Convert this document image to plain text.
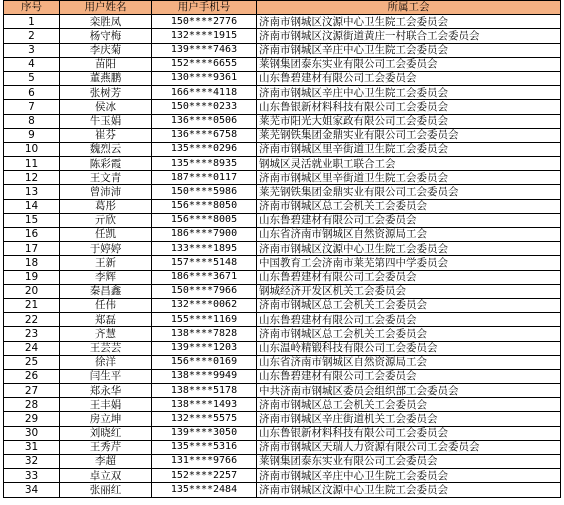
序号	用户姓名	用户手机号	所属工会
1	栾胜凤	150****2776	济南市钢城区汶源中心卫生院工会委员会
2	杨守梅	132****1915	济南市钢城区汶源街道黄庄一村联合工会委员会
3	李庆菊	139****7463	济南市钢城区辛庄中心卫生院工会委员会
4	苗阳	152****6655	莱钢集团泰东实业有限公司工会委员会
5	董燕鹏	130****9361	山东鲁碧建材有限公司工会委员会
6	张树芳	166****4118	济南市钢城区辛庄中心卫生院工会委员会
7	侯冰	150****0233	山东鲁银新材料科技有限公司工会委员会
8	牛玉娟	136****0506	莱芜市阳光大姐家政有限公司工会委员会
9	崔芬	136****6758	莱芜钢铁集团金鼎实业有限公司工会委员会
10	魏烈云	135****0296	济南市钢城区里辛街道卫生院工会委员会
11	陈彩霞	135****8935	钢城区灵活就业职工联合工会
12	王文青	187****0117	济南市钢城区里辛街道卫生院工会委员会
13	曾沛沛	150****5986	莱芜钢铁集团金鼎实业有限公司工会委员会
14	葛彤	156****8050	济南市钢城区总工会机关工会委员会
15	亓欣	156****8005	山东鲁碧建材有限公司工会委员会
16	任凯	186****7900	山东省济南市钢城区自然资源局工会
17	于婷婷	133****1895	济南市钢城区汶源中心卫生院工会委员会
18	王新	157****5148	中国教育工会济南市莱芜第四中学委员会
19	李辉	186****3671	山东鲁碧建材有限公司工会委员会
20	秦昌鑫	150****7966	钢城经济开发区机关工会委员会
21	任伟	132****0062	济南市钢城区总工会机关工会委员会
22	郑磊	155****1169	山东鲁碧建材有限公司工会委员会
23	齐慧	138****7828	济南市钢城区总工会机关工会委员会
24	王芸芸	139****1203	山东温岭精锻科技有限公司工会委员会
25	徐洋	156****0169	山东省济南市钢城区自然资源局工会
26	闫生平	138****9949	山东鲁碧建材有限公司工会委员会
27	郑永华	138****5178	中共济南市钢城区委员会组织部工会委员会
28	王丰娟	138****1493	济南市钢城区总工会机关工会委员会
29	房立坤	132****5575	济南市钢城区辛庄街道机关工会委员会
30	刘晓红	139****3050	山东鲁银新材料科技有限公司工会委员会
31	王秀芹	135****5316	济南市钢城区天瑞人力资源有限公司工会委员会
32	李超	131****9766	莱钢集团泰东实业有限公司工会委员会
33	卓立双	152****2257	济南市钢城区辛庄中心卫生院工会委员会
34	张丽红	135****2484	济南市钢城区汶源中心卫生院工会委员会
